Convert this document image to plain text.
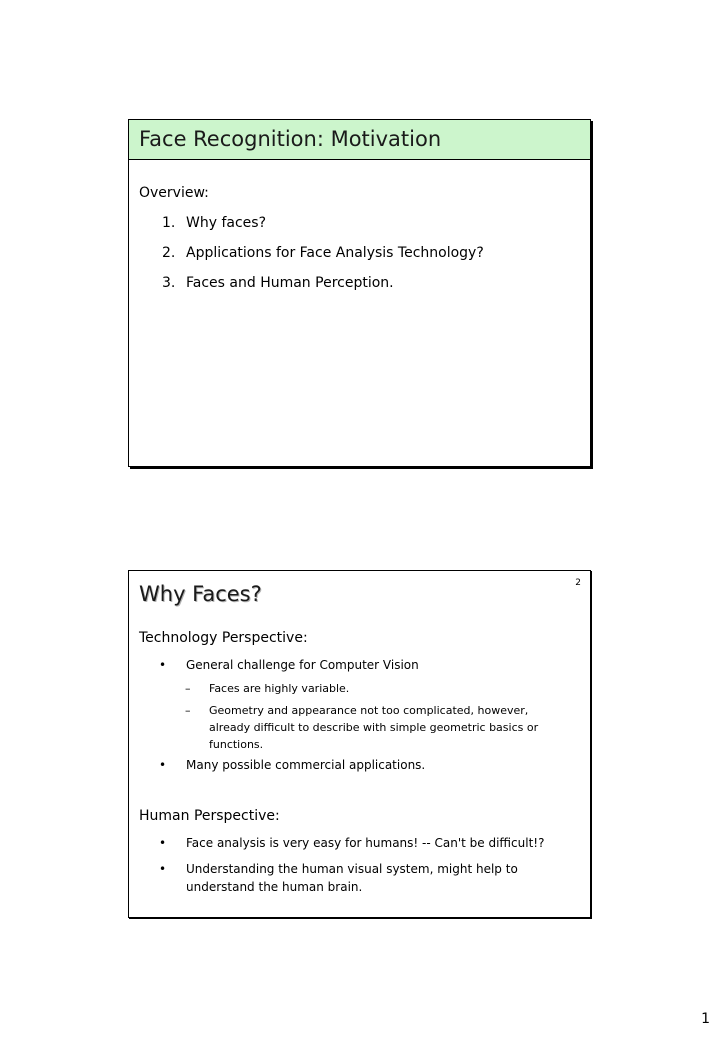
Face Recognition: Motivation
Overview:
1. Why faces?
2. Applications for Face Analysis Technology?
3. Faces and Human Perception.
2
Why Faces?
Technology Perspective:
• General challenge for Computer Vision
– Faces are highly variable.
– Geometry and appearance not too complicated, however, already difficult to describe with simple geometric basics or functions.
• Many possible commercial applications.
Human Perspective:
• Face analysis is very easy for humans! -- Can't be difficult!?
• Understanding the human visual system, might help to understand the human brain.
1
